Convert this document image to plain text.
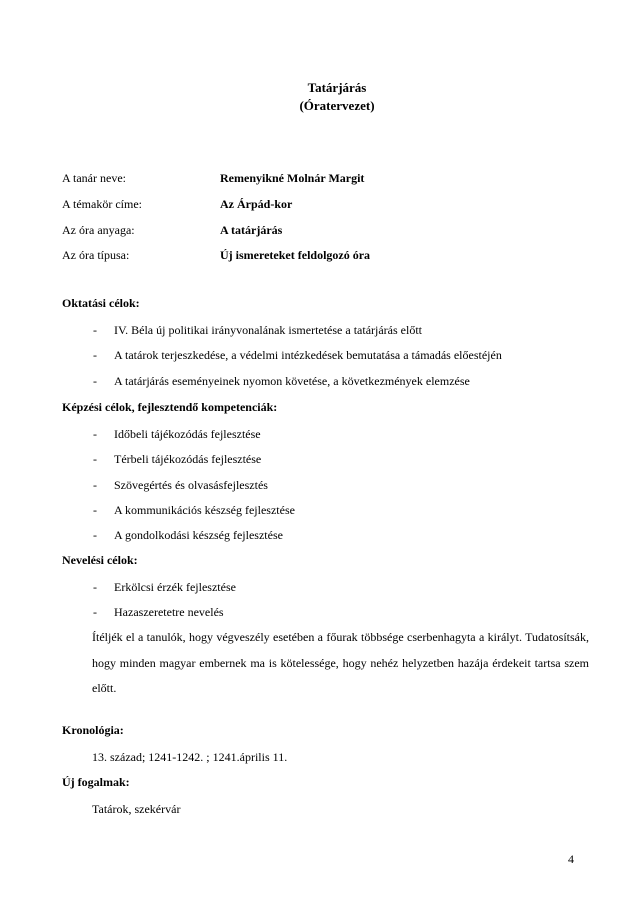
Tatárjárás
(Óratervezet)
A tanár neve:	Remenyikné Molnár Margit
A témakör címe:	Az Árpád-kor
Az óra anyaga:	A tatárjárás
Az óra típusa:	Új ismereteket feldolgozó óra
Oktatási célok:
- IV. Béla új politikai irányvonalának ismertetése a tatárjárás előtt
- A tatárok terjeszkedése, a védelmi intézkedések bemutatása a támadás előestéjén
- A tatárjárás eseményeinek nyomon követése, a következmények elemzése
Képzési célok, fejlesztendő kompetenciák:
- Időbeli tájékozódás fejlesztése
- Térbeli tájékozódás fejlesztése
- Szövegértés és olvasásfejlesztés
- A kommunikációs készség fejlesztése
- A gondolkodási készség fejlesztése
Nevelési célok:
- Erkölcsi érzék fejlesztése
- Hazaszeretetre nevelés
Ítéljék el a tanulók, hogy végveszély esetében a főurak többsége cserbenhagyta a királyt. Tudatosítsák, hogy minden magyar embernek ma is kötelessége, hogy nehéz helyzetben hazája érdekeit tartsa szem előtt.
Kronológia:
13. század; 1241-1242. ; 1241.április 11.
Új fogalmak:
Tatárok, szekérvár
4
